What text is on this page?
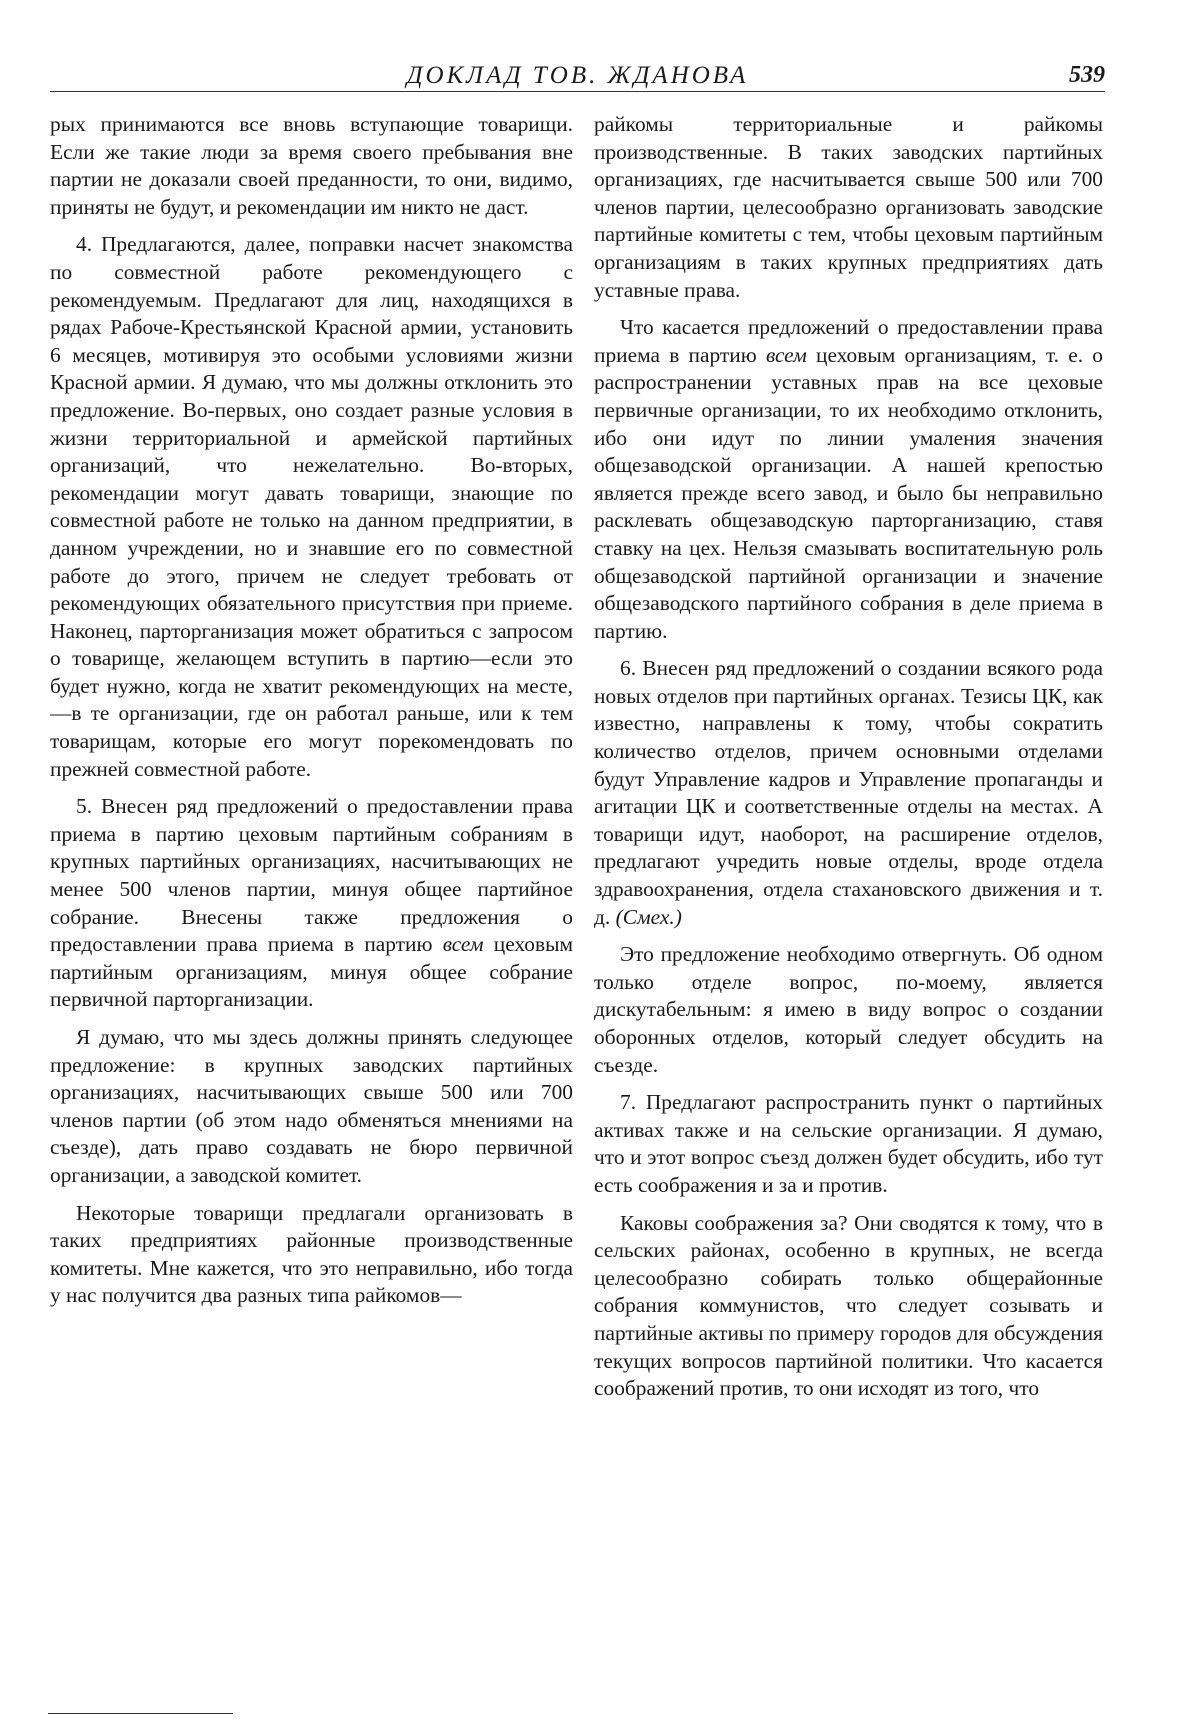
ДОКЛАД ТОВ. ЖДАНОВА	539

рых принимаются все вновь вступающие товарищи. Если же такие люди за время своего пребывания вне партии не доказали своей преданности, то они, видимо, приняты не будут, и рекомендации им никто не даст.

4. Предлагаются, далее, поправки насчет знакомства по совместной работе рекомендующего с рекомендуемым. Предлагают для лиц, находящихся в рядах Рабоче-Крестьянской Красной армии, установить 6 месяцев, мотивируя это особыми условиями жизни Красной армии. Я думаю, что мы должны отклонить это предложение. Во-первых, оно создает разные условия в жизни территориальной и армейской партийных организаций, что нежелательно. Во-вторых, рекомендации могут давать товарищи, знающие по совместной работе не только на данном предприятии, в данном учреждении, но и знавшие его по совместной работе до этого, причем не следует требовать от рекомендующих обязательного присутствия при приеме. Наконец, парторганизация может обратиться с запросом о товарище, желающем вступить в партию—если это будет нужно, когда не хватит рекомендующих на месте,—в те организации, где он работал раньше, или к тем товарищам, которые его могут порекомендовать по прежней совместной работе.

5. Внесен ряд предложений о предоставлении права приема в партию цеховым партийным собраниям в крупных партийных организациях, насчитывающих не менее 500 членов партии, минуя общее партийное собрание. Внесены также предложения о предоставлении права приема в партию всем цеховым партийным организациям, минуя общее собрание первичной парторганизации.

Я думаю, что мы здесь должны принять следующее предложение: в крупных заводских партийных организациях, насчитывающих свыше 500 или 700 членов партии (об этом надо обменяться мнениями на съезде), дать право создавать не бюро первичной организации, а заводской комитет.

Некоторые товарищи предлагали организовать в таких предприятиях районные производственные комитеты. Мне кажется, что это неправильно, ибо тогда у нас получится два разных типа райкомов—

райкомы территориальные и райкомы производственные. В таких заводских партийных организациях, где насчитывается свыше 500 или 700 членов партии, целесообразно организовать заводские партийные комитеты с тем, чтобы цеховым партийным организациям в таких крупных предприятиях дать уставные права.

Что касается предложений о предоставлении права приема в партию всем цеховым организациям, т. е. о распространении уставных прав на все цеховые первичные организации, то их необходимо отклонить, ибо они идут по линии умаления значения общезаводской организации. А нашей крепостью является прежде всего завод, и было бы неправильно расклевать общезаводскую парторганизацию, ставя ставку на цех. Нельзя смазывать воспитательную роль общезаводской партийной организации и значение общезаводского партийного собрания в деле приема в партию.

6. Внесен ряд предложений о создании всякого рода новых отделов при партийных органах. Тезисы ЦК, как известно, направлены к тому, чтобы сократить количество отделов, причем основными отделами будут Управление кадров и Управление пропаганды и агитации ЦК и соответственные отделы на местах. А товарищи идут, наоборот, на расширение отделов, предлагают учредить новые отделы, вроде отдела здравоохранения, отдела стахановского движения и т. д. (Смех.)

Это предложение необходимо отвергнуть. Об одном только отделе вопрос, по-моему, является дискутабельным: я имею в виду вопрос о создании оборонных отделов, который следует обсудить на съезде.

7. Предлагают распространить пункт о партийных активах также и на сельские организации. Я думаю, что и этот вопрос съезд должен будет обсудить, ибо тут есть соображения и за и против.

Каковы соображения за? Они сводятся к тому, что в сельских районах, особенно в крупных, не всегда целесообразно собирать только общерайонные собрания коммунистов, что следует созывать и партийные активы по примеру городов для обсуждения текущих вопросов партийной политики. Что касается соображений против, то они исходят из того, что
